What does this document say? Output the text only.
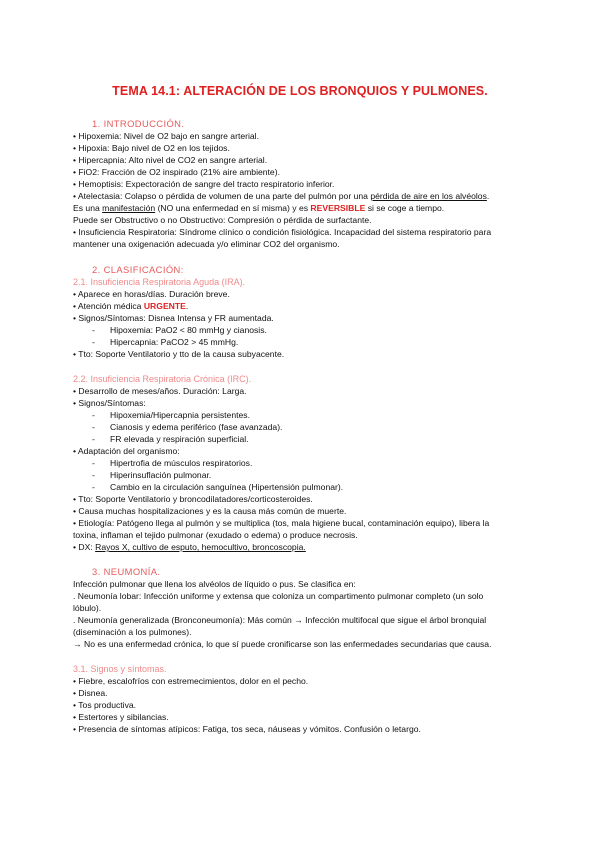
TEMA 14.1: ALTERACIÓN DE LOS BRONQUIOS Y PULMONES.
1. INTRODUCCIÓN.
• Hipoxemia: Nivel de O2 bajo en sangre arterial.
• Hipoxia: Bajo nivel de O2 en los tejidos.
• Hipercapnia: Alto nivel de CO2 en sangre arterial.
• FiO2: Fracción de O2 inspirado (21% aire ambiente).
• Hemoptisis: Expectoración de sangre del tracto respiratorio inferior.
• Atelectasia: Colapso o pérdida de volumen de una parte del pulmón por una pérdida de aire en los alvéolos.
Es una manifestación (NO una enfermedad en sí misma) y es REVERSIBLE si se coge a tiempo.
Puede ser Obstructivo o no Obstructivo: Compresión o pérdida de surfactante.
• Insuficiencia Respiratoria: Síndrome clínico o condición fisiológica. Incapacidad del sistema respiratorio para
mantener una oxigenación adecuada y/o eliminar CO2 del organismo.
2. CLASIFICACIÓN:
2.1. Insuficiencia Respiratoria Aguda (IRA).
• Aparece en horas/días. Duración breve.
• Atención médica URGENTE.
• Signos/Síntomas: Disnea Intensa y FR aumentada.
- Hipoxemia: PaO2 < 80 mmHg y cianosis.
- Hipercapnia: PaCO2 > 45 mmHg.
• Tto: Soporte Ventilatorio y tto de la causa subyacente.
2.2. Insuficiencia Respiratoria Crónica (IRC).
• Desarrollo de meses/años. Duración: Larga.
• Signos/Síntomas:
- Hipoxemia/Hipercapnia persistentes.
- Cianosis y edema periférico (fase avanzada).
- FR elevada y respiración superficial.
• Adaptación del organismo:
- Hipertrofia de músculos respiratorios.
- Hiperinsuflación pulmonar.
- Cambio en la circulación sanguínea (Hipertensión pulmonar).
• Tto: Soporte Ventilatorio y broncodilatadores/corticosteroides.
• Causa muchas hospitalizaciones y es la causa más común de muerte.
• Etiología: Patógeno llega al pulmón y se multiplica (tos, mala higiene bucal, contaminación equipo), libera la
toxina, inflaman el tejido pulmonar (exudado o edema) o produce necrosis.
• DX: Rayos X, cultivo de esputo, hemocultivo, broncoscopia.
3. NEUMONÍA.
Infección pulmonar que llena los alvéolos de líquido o pus. Se clasifica en:
. Neumonía lobar: Infección uniforme y extensa que coloniza un compartimento pulmonar completo (un solo
lóbulo).
. Neumonía generalizada (Bronconeumonía): Más común → Infección multifocal que sigue el árbol bronquial
(diseminación a los pulmones).
→ No es una enfermedad crónica, lo que sí puede cronificarse son las enfermedades secundarias que causa.
3.1. Signos y síntomas.
• Fiebre, escalofríos con estremecimientos, dolor en el pecho.
• Disnea.
• Tos productiva.
• Estertores y sibilancias.
• Presencia de síntomas atípicos: Fatiga, tos seca, náuseas y vómitos. Confusión o letargo.
